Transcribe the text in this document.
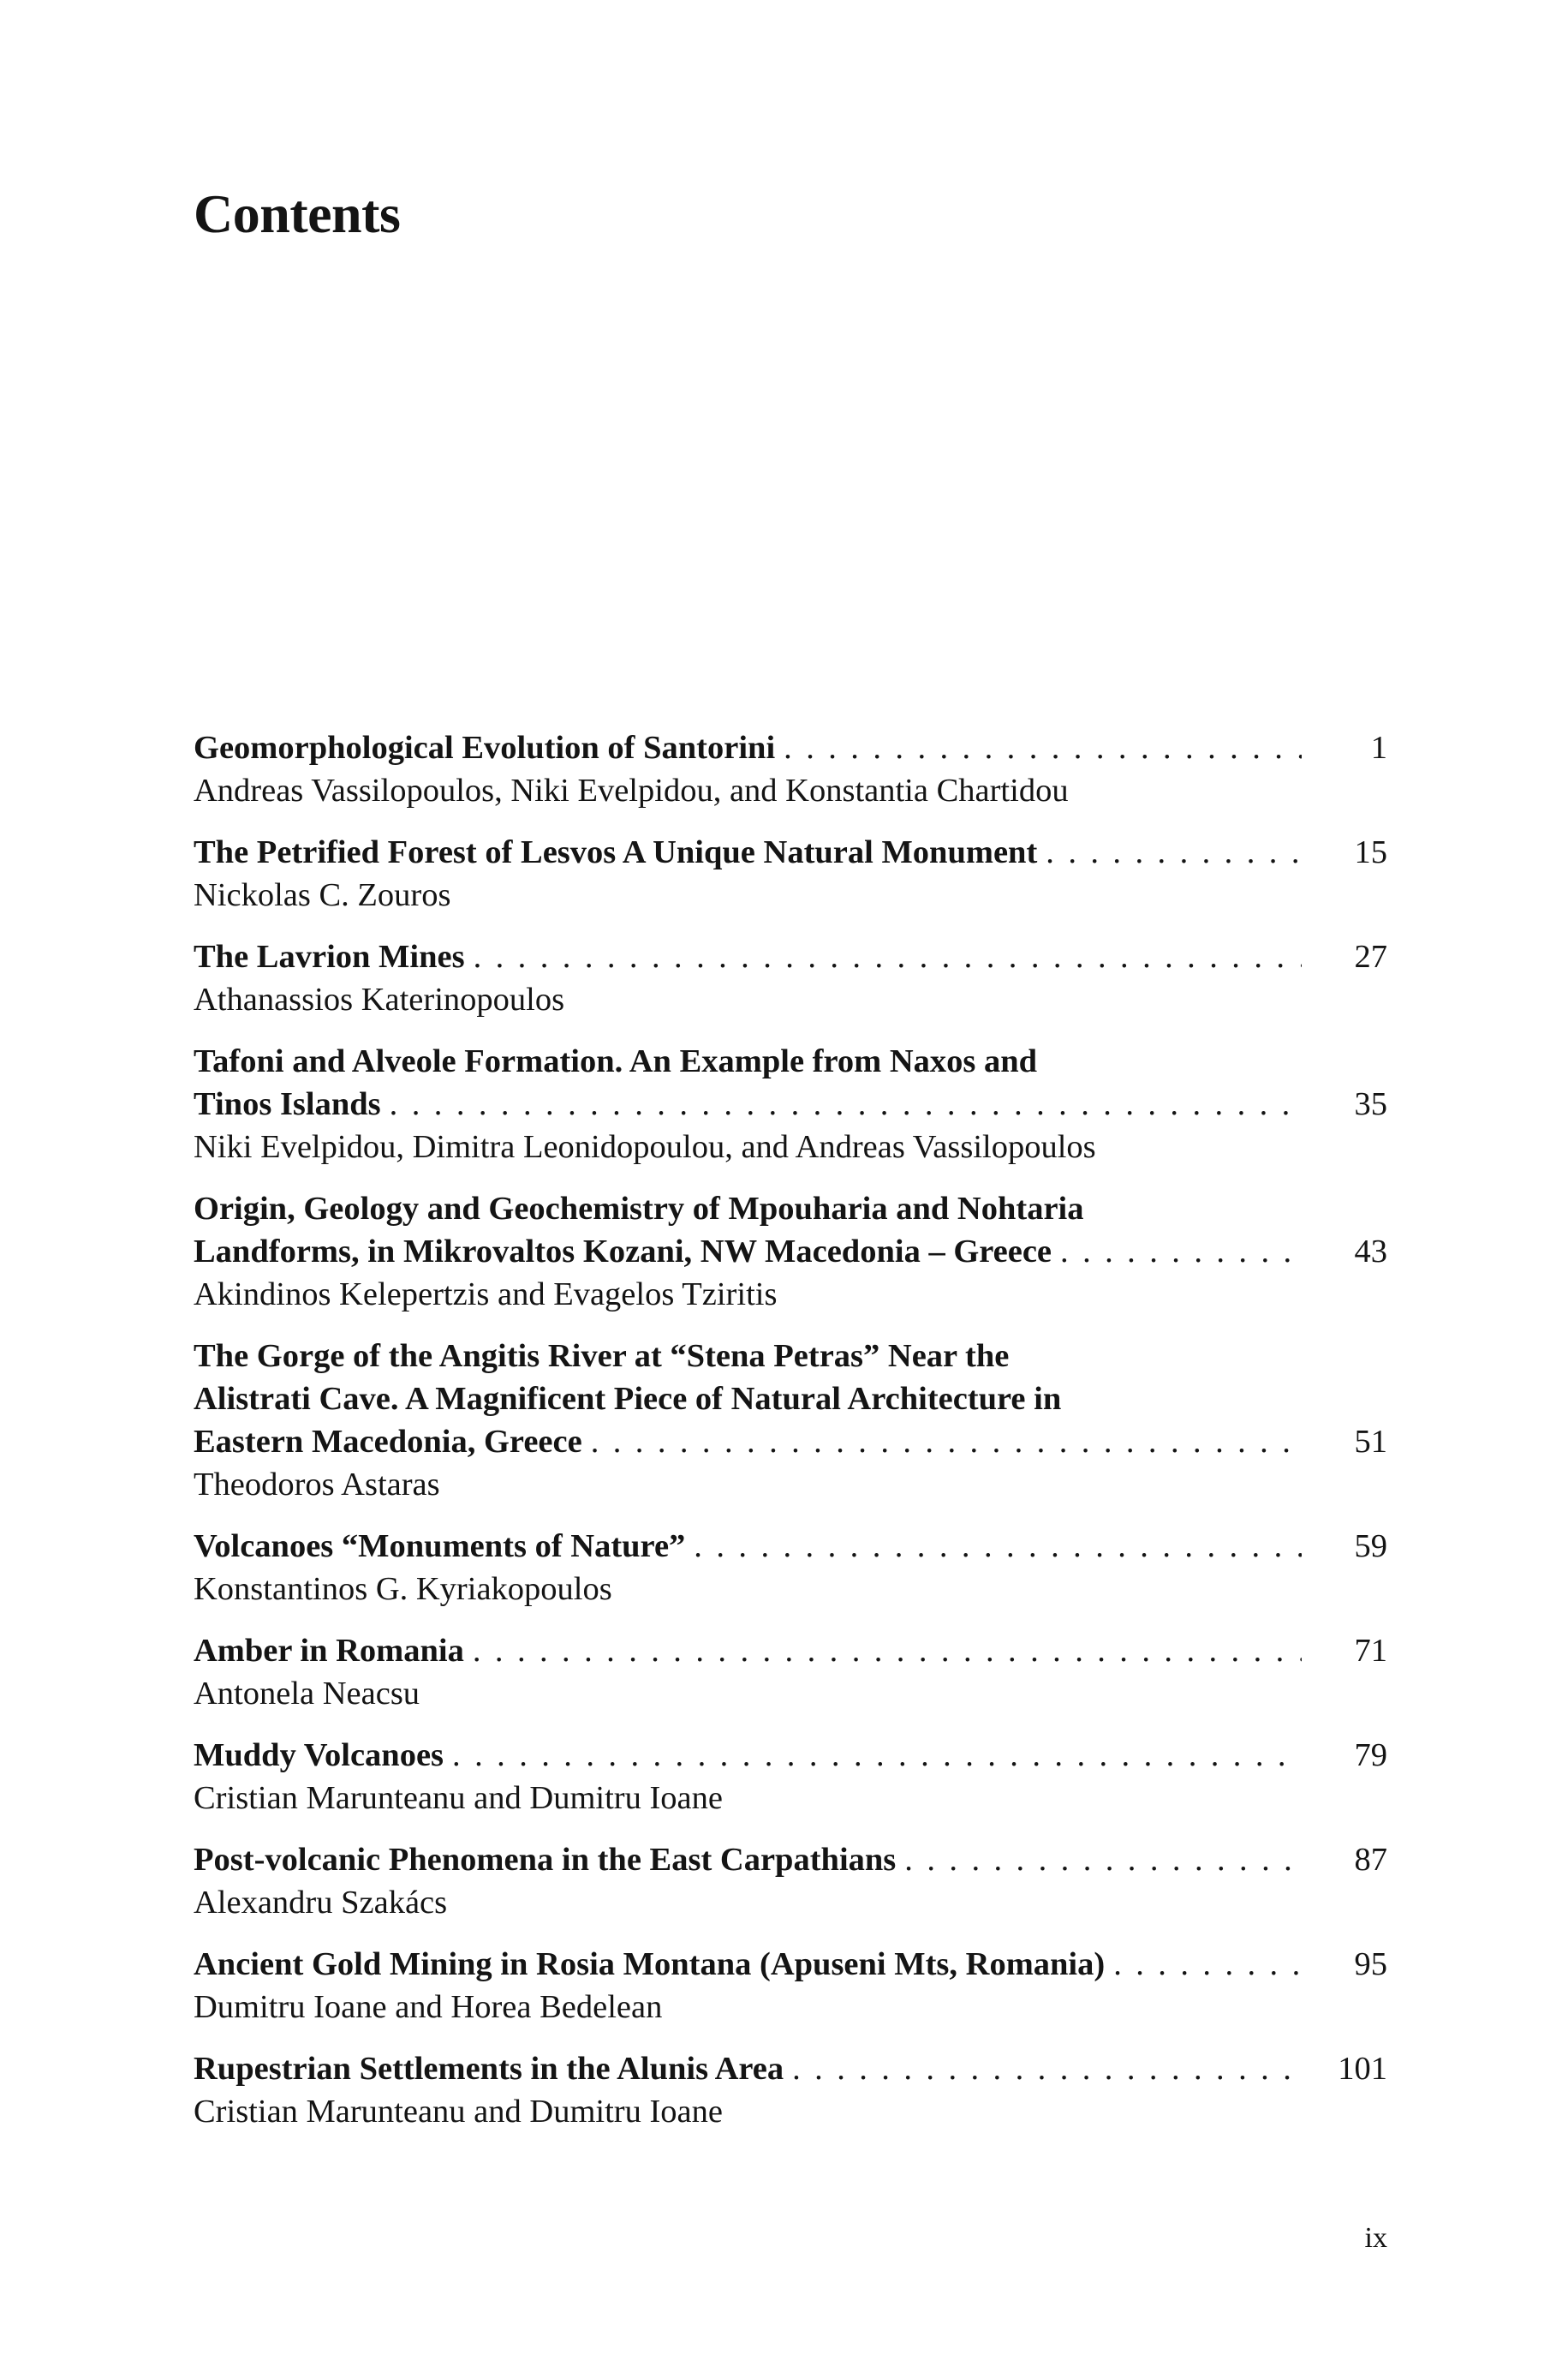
Contents
Geomorphological Evolution of Santorini . . .	1
Andreas Vassilopoulos, Niki Evelpidou, and Konstantia Chartidou
The Petrified Forest of Lesvos A Unique Natural Monument . . .	15
Nickolas C. Zouros
The Lavrion Mines . . .	27
Athanassios Katerinopoulos
Tafoni and Alveole Formation. An Example from Naxos and
Tinos Islands . . .	35
Niki Evelpidou, Dimitra Leonidopoulou, and Andreas Vassilopoulos
Origin, Geology and Geochemistry of Mpouharia and Nohtaria
Landforms, in Mikrovaltos Kozani, NW Macedonia – Greece . . .	43
Akindinos Kelepertzis and Evagelos Tziritis
The Gorge of the Angitis River at “Stena Petras” Near the
Alistrati Cave. A Magnificent Piece of Natural Architecture in
Eastern Macedonia, Greece . . .	51
Theodoros Astaras
Volcanoes “Monuments of Nature” . . .	59
Konstantinos G. Kyriakopoulos
Amber in Romania . . .	71
Antonela Neacsu
Muddy Volcanoes . . .	79
Cristian Marunteanu and Dumitru Ioane
Post-volcanic Phenomena in the East Carpathians . . .	87
Alexandru Szakács
Ancient Gold Mining in Rosia Montana (Apuseni Mts, Romania) . . .	95
Dumitru Ioane and Horea Bedelean
Rupestrian Settlements in the Alunis Area . . .	101
Cristian Marunteanu and Dumitru Ioane
ix
